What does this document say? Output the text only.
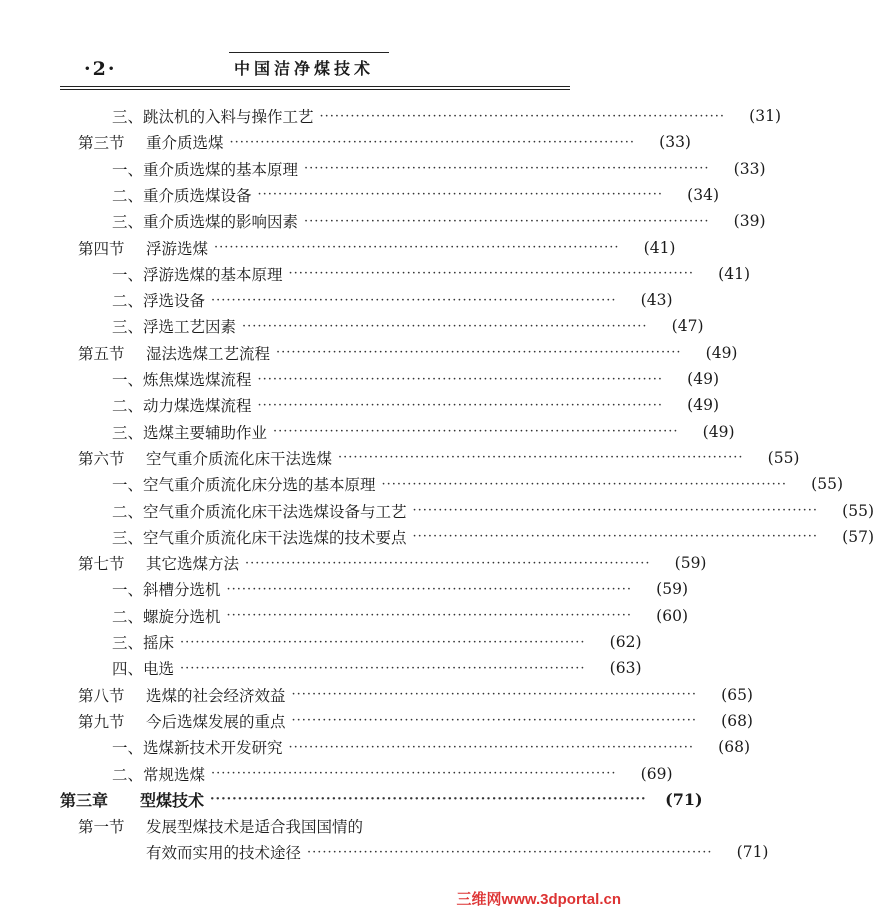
·2·	中国洁净煤技术
三、跳汰机的入料与操作工艺 ···············································································	(31)
第三节 重介质选煤 ···············································································	(33)
一、重介质选煤的基本原理 ···············································································	(33)
二、重介质选煤设备 ···············································································	(34)
三、重介质选煤的影响因素 ···············································································	(39)
第四节 浮游选煤 ···············································································	(41)
一、浮游选煤的基本原理 ···············································································	(41)
二、浮选设备 ···············································································	(43)
三、浮选工艺因素 ···············································································	(47)
第五节 湿法选煤工艺流程 ···············································································	(49)
一、炼焦煤选煤流程 ···············································································	(49)
二、动力煤选煤流程 ···············································································	(49)
三、选煤主要辅助作业 ···············································································	(49)
第六节 空气重介质流化床干法选煤 ···············································································	(55)
一、空气重介质流化床分选的基本原理 ···············································································	(55)
二、空气重介质流化床干法选煤设备与工艺 ···············································································	(55)
三、空气重介质流化床干法选煤的技术要点 ···············································································	(57)
第七节 其它选煤方法 ···············································································	(59)
一、斜槽分选机 ···············································································	(59)
二、螺旋分选机 ···············································································	(60)
三、摇床 ···············································································	(62)
四、电选 ···············································································	(63)
第八节 选煤的社会经济效益 ···············································································	(65)
第九节 今后选煤发展的重点 ···············································································	(68)
一、选煤新技术开发研究 ···············································································	(68)
二、常规选煤 ···············································································	(69)
第三章 型煤技术 ···············································································	(71)
第一节 发展型煤技术是适合我国国情的
有效而实用的技术途径 ···············································································	(71)
三维网www.3dportal.cn
